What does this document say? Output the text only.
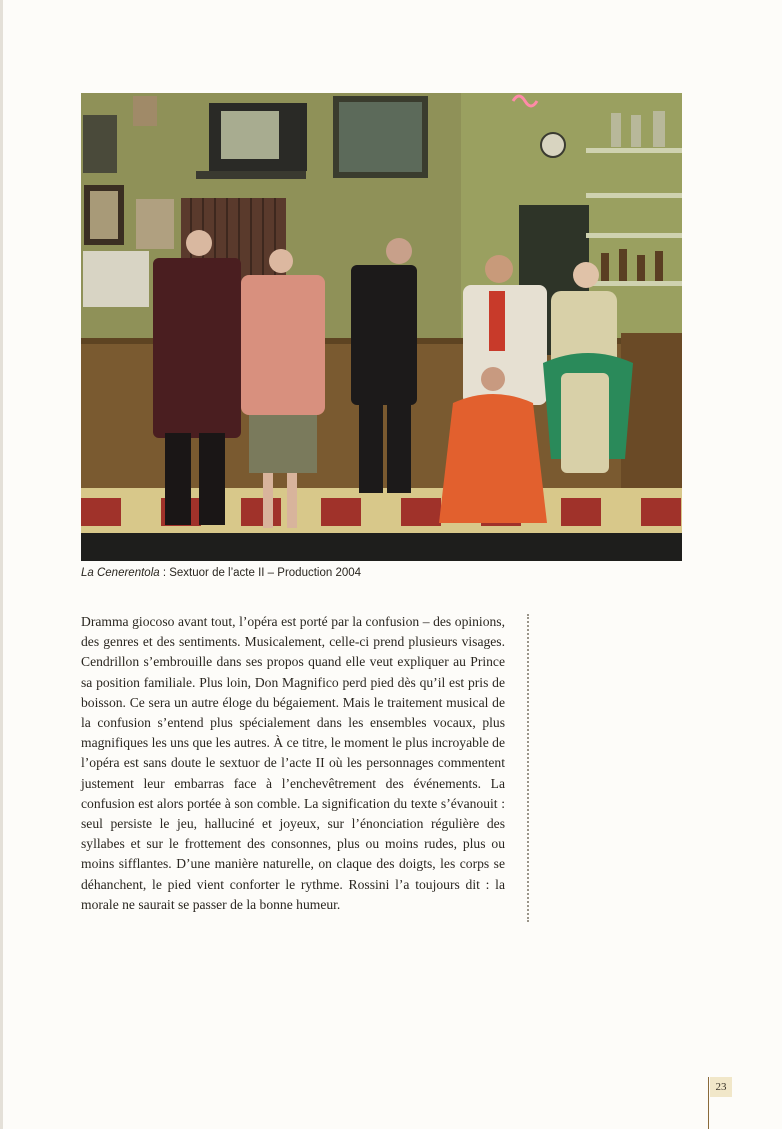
La Cenerentola : Sextuor de l’acte II – Production 2004

Dramma giocoso avant tout, l’opéra est porté par la confusion – des opinions, des genres et des sentiments. Musicalement, celle-ci prend plusieurs visages. Cendrillon s’embrouille dans ses propos quand elle veut expliquer au Prince sa position familiale. Plus loin, Don Magnifico perd pied dès qu’il est pris de boisson. Ce sera un autre éloge du bégaiement. Mais le traitement musical de la confusion s’entend plus spécialement dans les ensembles vocaux, plus magnifiques les uns que les autres. À ce titre, le moment le plus incroyable de l’opéra est sans doute le sextuor de l’acte II où les personnages commentent justement leur embarras face à l’enchevêtrement des événements. La confusion est alors portée à son comble. La signification du texte s’évanouit : seul persiste le jeu, halluciné et joyeux, sur l’énonciation régulière des syllabes et sur le frottement des consonnes, plus ou moins rudes, plus ou moins sifflantes. D’une manière naturelle, on claque des doigts, les corps se déhanchent, le pied vient conforter le rythme. Rossini l’a toujours dit : la morale ne saurait se passer de la bonne humeur.

23
